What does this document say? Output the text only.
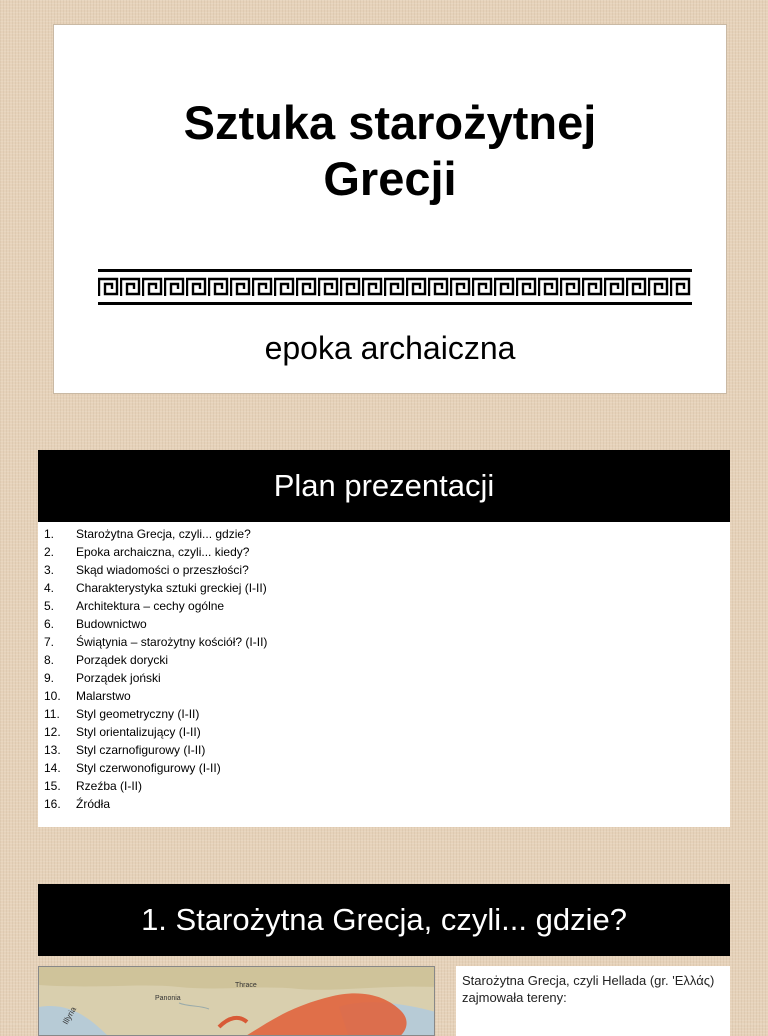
Sztuka starożytnej
Grecji
epoka archaiczna
Plan prezentacji
1. Starożytna Grecja, czyli... gdzie?
2. Epoka archaiczna, czyli... kiedy?
3. Skąd wiadomości o przeszłości?
4. Charakterystyka sztuki greckiej (I-II)
5. Architektura – cechy ogólne
6. Budownictwo
7. Świątynia – starożytny kościół? (I-II)
8. Porządek dorycki
9. Porządek joński
10. Malarstwo
11. Styl geometryczny (I-II)
12. Styl orientalizujący (I-II)
13. Styl czarnofigurowy (I-II)
14. Styl czerwonofigurowy (I-II)
15. Rzeźba (I-II)
16. Źródła
1. Starożytna Grecja, czyli... gdzie?
Thrace
Panonia
Illyria
Starożytna Grecja, czyli Hellada (gr. 'Ελλάς) zajmowała tereny:
